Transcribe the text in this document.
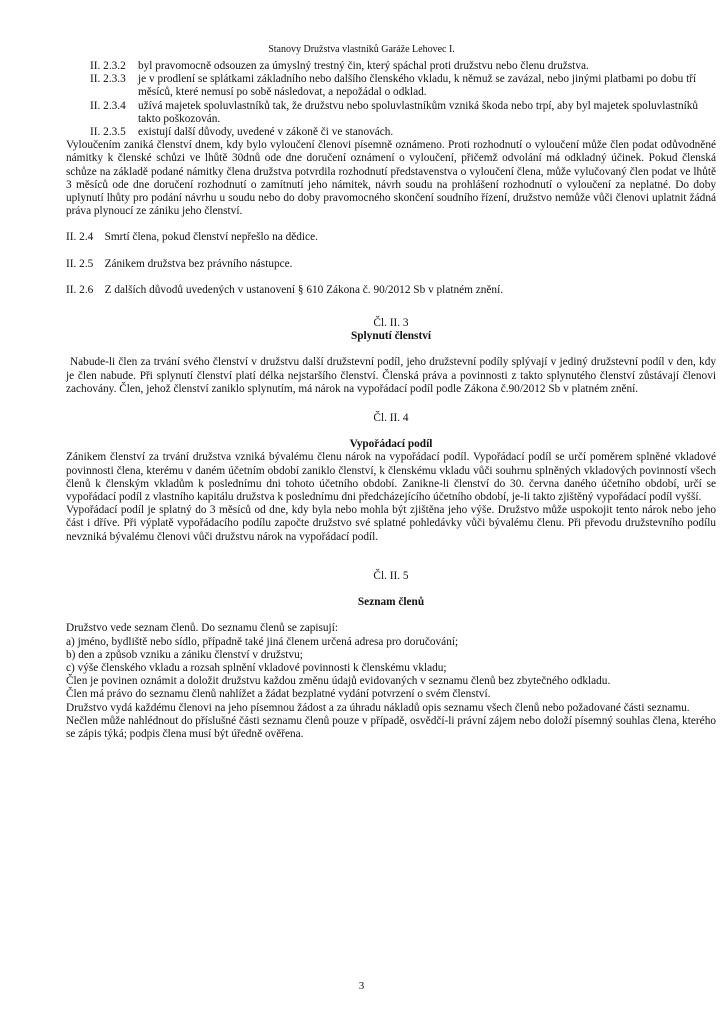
Stanovy Družstva vlastníků Garáže Lehovec I.
II. 2.3.2	byl pravomocně odsouzen za úmyslný trestný čin, který spáchal proti družstvu nebo členu družstva.
II. 2.3.3	je v prodlení se splátkami základního nebo dalšího členského vkladu, k němuž se zavázal, nebo jinými platbami po dobu tří měsíců, které nemusí po sobě následovat, a nepožádal o odklad.
II. 2.3.4	užívá majetek spoluvlastníků tak, že družstvu nebo spoluvlastníkům vzniká škoda nebo trpí, aby byl majetek spoluvlastníků takto poškozován.
II. 2.3.5	existují další důvody, uvedené v zákoně či ve stanovách.
Vyloučením zaniká členství dnem, kdy bylo vyloučení členovi písemně oznámeno. Proti rozhodnutí o vyloučení může člen podat odůvodněné námitky k členské schůzi ve lhůtě 30dnů ode dne doručení oznámení o vyloučení, přičemž odvolání má odkladný účinek. Pokud členská schůze na základě podané námitky člena družstva potvrdila rozhodnutí představenstva o vyloučení člena, může vylučovaný člen podat ve lhůtě 3 měsíců ode dne doručení rozhodnutí o zamítnutí jeho námitek, návrh soudu na prohlášení rozhodnutí o vyloučení za neplatné. Do doby uplynutí lhůty pro podání návrhu u soudu nebo do doby pravomocného skončení soudního řízení, družstvo nemůže vůči členovi uplatnit žádná práva plynoucí ze zániku jeho členství.
II. 2.4    Smrtí člena, pokud členství nepřešlo na dědice.
II. 2.5    Zánikem družstva bez právního nástupce.
II. 2.6    Z dalších důvodů uvedených v ustanovení § 610 Zákona č. 90/2012 Sb v platném znění.
Čl. II. 3
Splynutí členství
Nabude-li člen za trvání svého členství v družstvu další družstevní podíl, jeho družstevní podíly splývají v jediný družstevní podíl v den, kdy je člen nabude. Při splynutí členství platí délka nejstaršího členství. Členská práva a povinnosti z takto splynutého členství zůstávají členovi zachovány. Člen, jehož členství zaniklo splynutím, má nárok na vypořádací podíl podle Zákona č.90/2012 Sb v platném znění.
Čl. II. 4
Vypořádací podíl
Zánikem členství za trvání družstva vzniká bývalému členu nárok na vypořádací podíl. Vypořádací podíl se určí poměrem splněné vkladové povinnosti člena, kterému v daném účetním období zaniklo členství, k členskému vkladu vůči souhrnu splněných vkladových povinností všech členů k členským vkladům k poslednímu dni tohoto účetního období. Zanikne-li členství do 30. června daného účetního období, určí se vypořádací podíl z vlastního kapitálu družstva k poslednímu dni předcházejícího účetního období, je-li takto zjištěný vypořádací podíl vyšší.
Vypořádací podíl je splatný do 3 měsíců od dne, kdy byla nebo mohla být zjištěna jeho výše. Družstvo může uspokojit tento nárok nebo jeho část i dříve. Při výplatě vypořádacího podílu započte družstvo své splatné pohledávky vůči bývalému členu. Při převodu družstevního podílu nevzniká bývalému členovi vůči družstvu nárok na vypořádací podíl.
Čl. II. 5
Seznam členů
Družstvo vede seznam členů. Do seznamu členů se zapisují:
a) jméno, bydliště nebo sídlo, případně také jiná členem určená adresa pro doručování;
b) den a způsob vzniku a zániku členství v družstvu;
c) výše členského vkladu a rozsah splnění vkladové povinnosti k členskému vkladu;
Člen je povinen oznámit a doložit družstvu každou změnu údajů evidovaných v seznamu členů bez zbytečného odkladu.
Člen má právo do seznamu členů nahlížet a žádat bezplatné vydání potvrzení o svém členství.
Družstvo vydá každému členovi na jeho písemnou žádost a za úhradu nákladů opis seznamu všech členů nebo požadované části seznamu.
Nečlen může nahlédnout do příslušné části seznamu členů pouze v případě, osvědčí-li právní zájem nebo doloží písemný souhlas člena, kterého se zápis týká; podpis člena musí být úředně ověřena.
3
